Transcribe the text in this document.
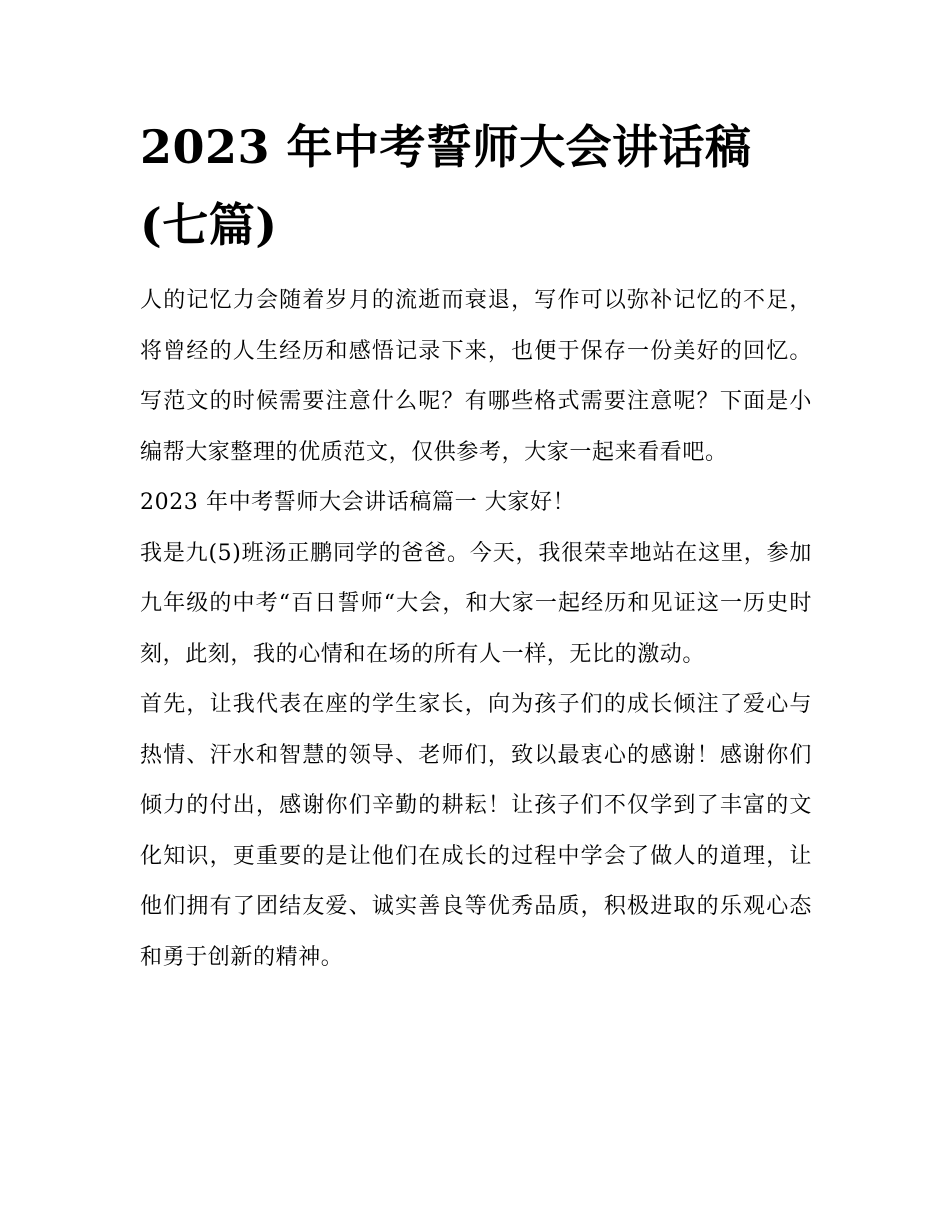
2023 年中考誓师大会讲话稿
(七篇)

人的记忆力会随着岁月的流逝而衰退，写作可以弥补记忆的不足，将曾经的人生经历和感悟记录下来，也便于保存一份美好的回忆。写范文的时候需要注意什么呢？有哪些格式需要注意呢？下面是小编帮大家整理的优质范文，仅供参考，大家一起来看看吧。

2023 年中考誓师大会讲话稿篇一 大家好！

我是九(5)班汤正鹏同学的爸爸。今天，我很荣幸地站在这里，参加九年级的中考“百日誓师“大会，和大家一起经历和见证这一历史时刻，此刻，我的心情和在场的所有人一样，无比的激动。

首先，让我代表在座的学生家长，向为孩子们的成长倾注了爱心与热情、汗水和智慧的领导、老师们，致以最衷心的感谢！感谢你们倾力的付出，感谢你们辛勤的耕耘！让孩子们不仅学到了丰富的文化知识，更重要的是让他们在成长的过程中学会了做人的道理，让他们拥有了团结友爱、诚实善良等优秀品质，积极进取的乐观心态和勇于创新的精神。
